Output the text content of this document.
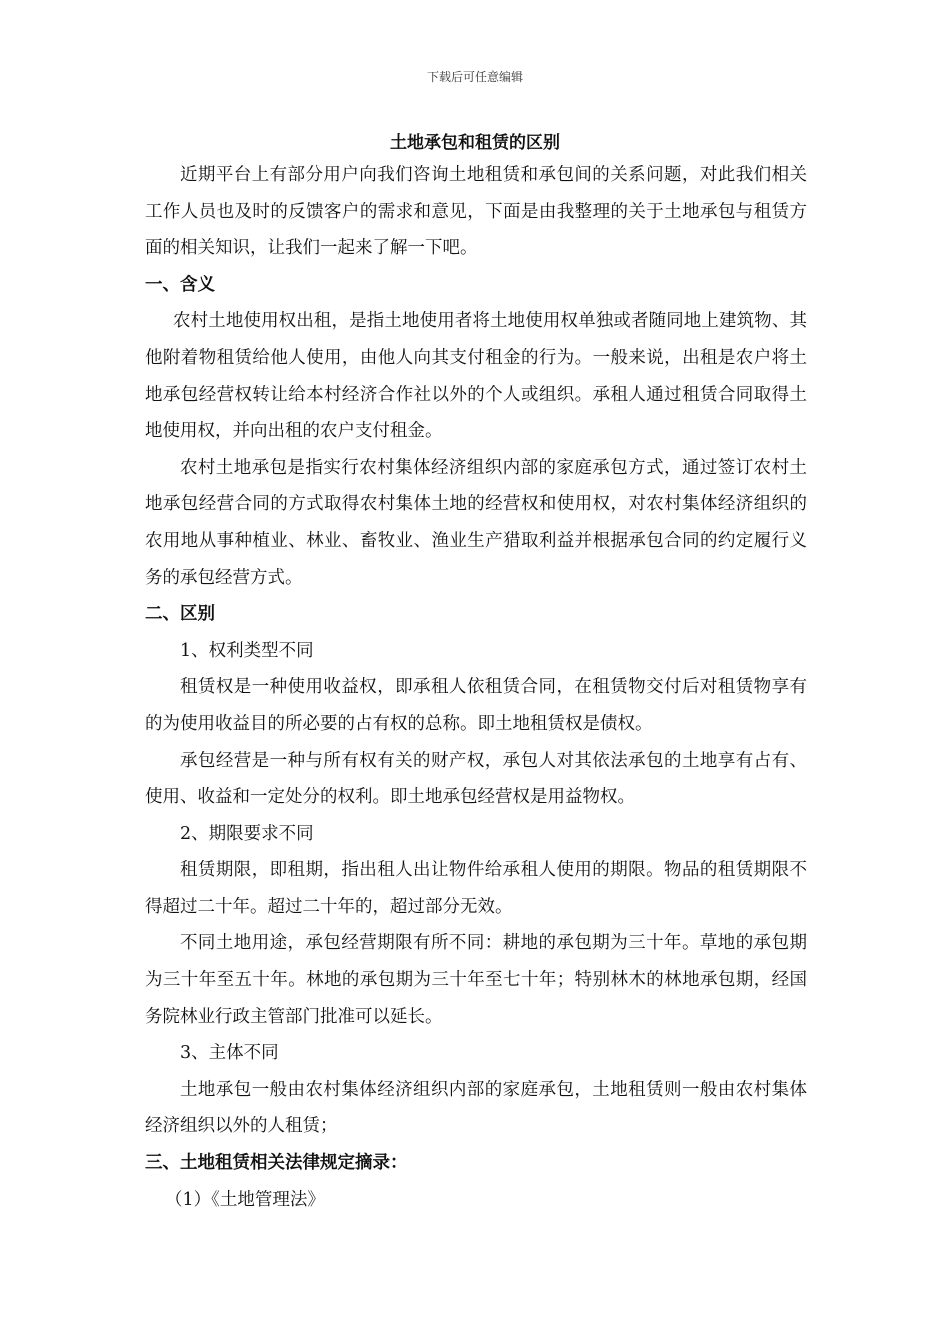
下载后可任意编辑
土地承包和租赁的区别

近期平台上有部分用户向我们咨询土地租赁和承包间的关系问题，对此我们相关工作人员也及时的反馈客户的需求和意见，下面是由我整理的关于土地承包与租赁方面的相关知识，让我们一起来了解一下吧。

一、含义

农村土地使用权出租，是指土地使用者将土地使用权单独或者随同地上建筑物、其他附着物租赁给他人使用，由他人向其支付租金的行为。一般来说，出租是农户将土地承包经营权转让给本村经济合作社以外的个人或组织。承租人通过租赁合同取得土地使用权，并向出租的农户支付租金。

农村土地承包是指实行农村集体经济组织内部的家庭承包方式，通过签订农村土地承包经营合同的方式取得农村集体土地的经营权和使用权，对农村集体经济组织的农用地从事种植业、林业、畜牧业、渔业生产猎取利益并根据承包合同的约定履行义务的承包经营方式。

二、区别

1、权利类型不同

租赁权是一种使用收益权，即承租人依租赁合同，在租赁物交付后对租赁物享有的为使用收益目的所必要的占有权的总称。即土地租赁权是债权。

承包经营是一种与所有权有关的财产权，承包人对其依法承包的土地享有占有、使用、收益和一定处分的权利。即土地承包经营权是用益物权。

2、期限要求不同

租赁期限，即租期，指出租人出让物件给承租人使用的期限。物品的租赁期限不得超过二十年。超过二十年的，超过部分无效。

不同土地用途，承包经营期限有所不同：耕地的承包期为三十年。草地的承包期为三十年至五十年。林地的承包期为三十年至七十年；特别林木的林地承包期，经国务院林业行政主管部门批准可以延长。

3、主体不同

土地承包一般由农村集体经济组织内部的家庭承包，土地租赁则一般由农村集体经济组织以外的人租赁；

三、土地租赁相关法律规定摘录：

（1）《土地管理法》
